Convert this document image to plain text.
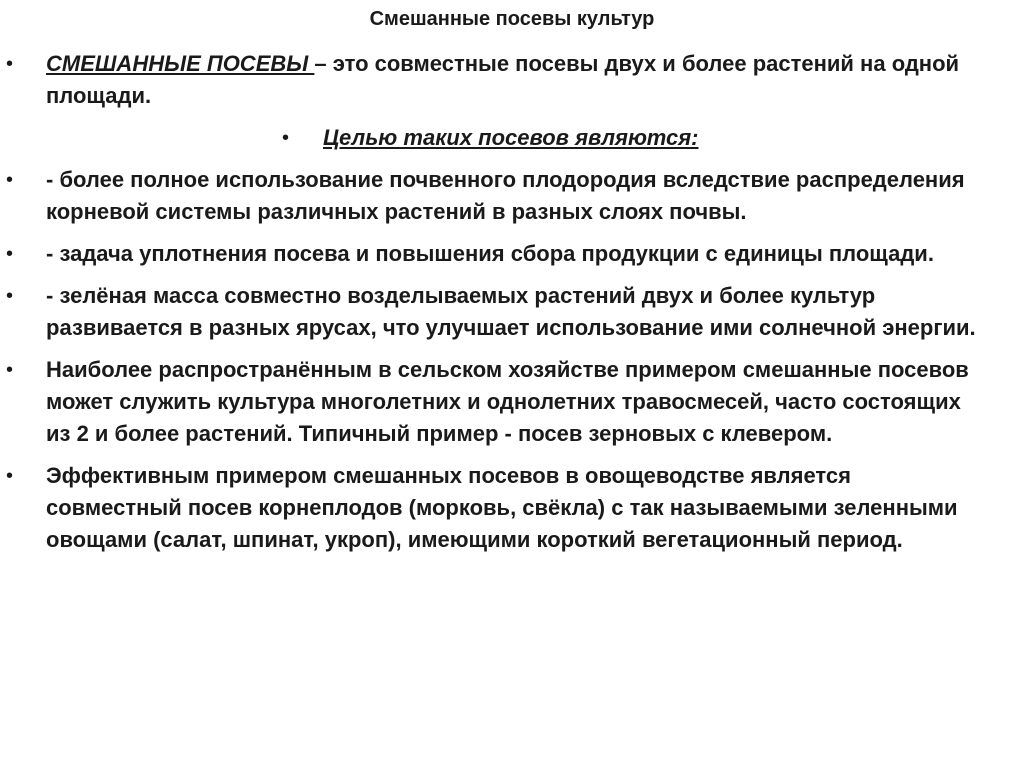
Смешанные посевы культур
• СМЕШАННЫЕ ПОСЕВЫ – это совместные посевы двух и более растений на одной площади.
• Целью таких посевов являются:
• - более полное использование почвенного плодородия вследствие распределения корневой системы различных растений в разных слоях почвы.
• - задача уплотнения посева и повышения сбора продукции с единицы площади.
• - зелёная масса совместно возделываемых растений двух и более культур развивается в разных ярусах, что улучшает использование ими солнечной энергии.
• Наиболее распространённым в сельском хозяйстве примером смешанные посевов может служить культура многолетних и однолетних травосмесей, часто состоящих из 2 и более растений. Типичный пример - посев зерновых с клевером.
• Эффективным примером смешанных посевов в овощеводстве является совместный посев корнеплодов (морковь, свёкла) с так называемыми зеленными овощами (салат, шпинат, укроп), имеющими короткий вегетационный период.
